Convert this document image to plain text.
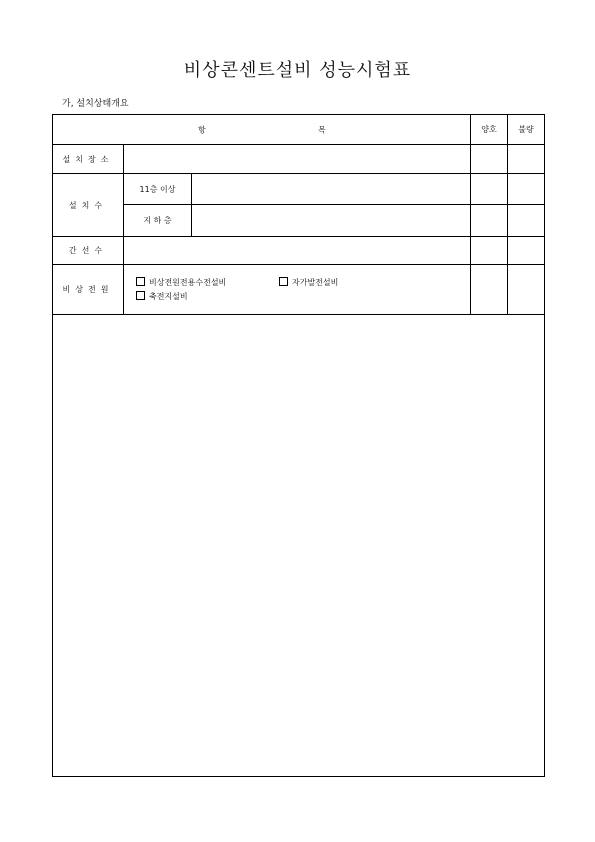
비상콘센트설비 성능시험표
가, 설치상태개요
항 목			양호	불량
설치장소				
설치수	11층 이상			
	지 하 층			
간선수				
비상전원	비상전원전용수전설비 자가발전설비
축전지설비			
